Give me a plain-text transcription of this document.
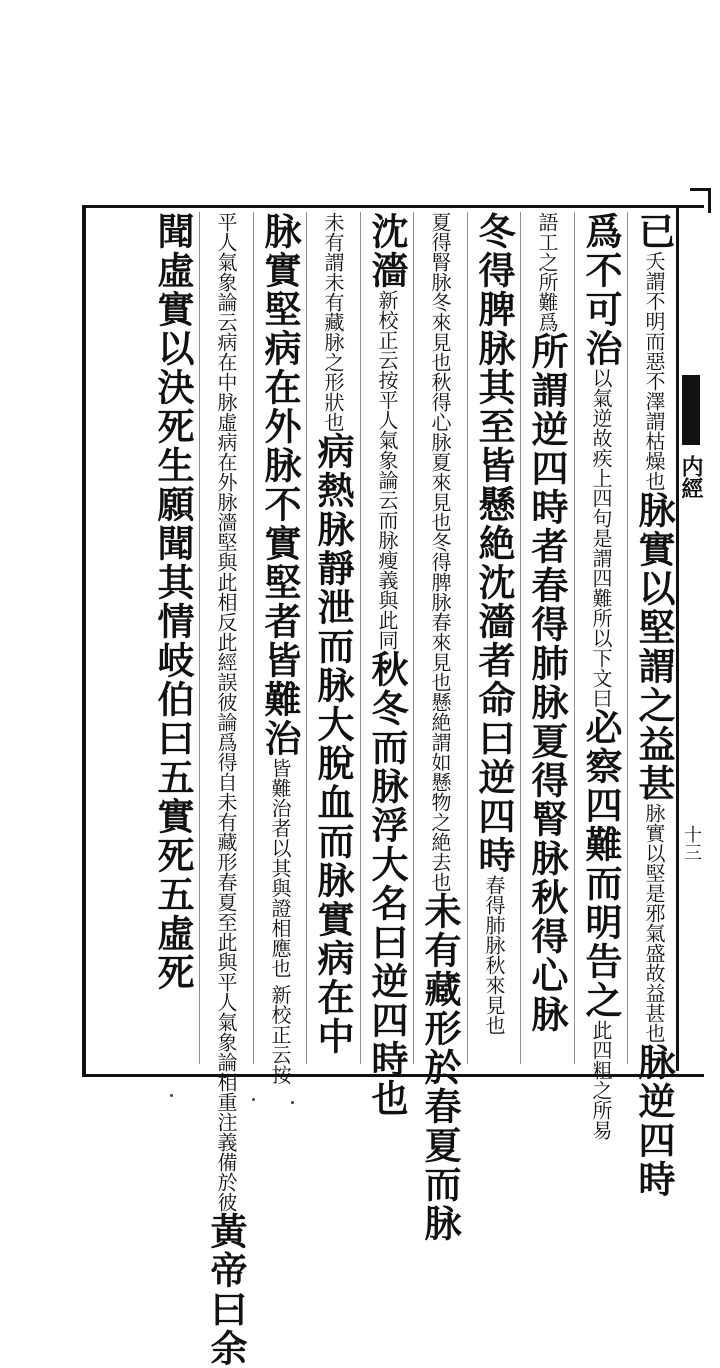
内經
十三
已夭謂不明而惡不澤謂枯燥也脉實以堅謂之益甚脉實以堅是邪氣盛故益甚也脉逆四時
爲不可治以氣逆故疾上四句是謂四難所以下文曰必察四難而明告之此四粗之所易
語工之所難爲所謂逆四時者春得肺脉夏得腎脉秋得心脉
冬得脾脉其至皆懸絶沈濇者命曰逆四時春得肺脉秋來見也
夏得腎脉冬來見也秋得心脉夏來見也冬得脾脉春來見也懸絶謂如懸物之絶去也未有藏形於春夏而脉
沈濇新校正云按平人氣象論云而脉瘦義與此同秋冬而脉浮大名曰逆四時也
未有謂未有藏脉之形狀也病熱脉靜泄而脉大脫血而脉實病在中
脉實堅病在外脉不實堅者皆難治皆難治者以其與證相應也 新校正云按
平人氣象論云病在中脉虛病在外脉濇堅與此相反此經誤彼論爲得自未有藏形春夏至此與平人氣象論相重注義備於彼黃帝曰余
聞虛實以決死生願聞其情岐伯曰五實死五虛死
